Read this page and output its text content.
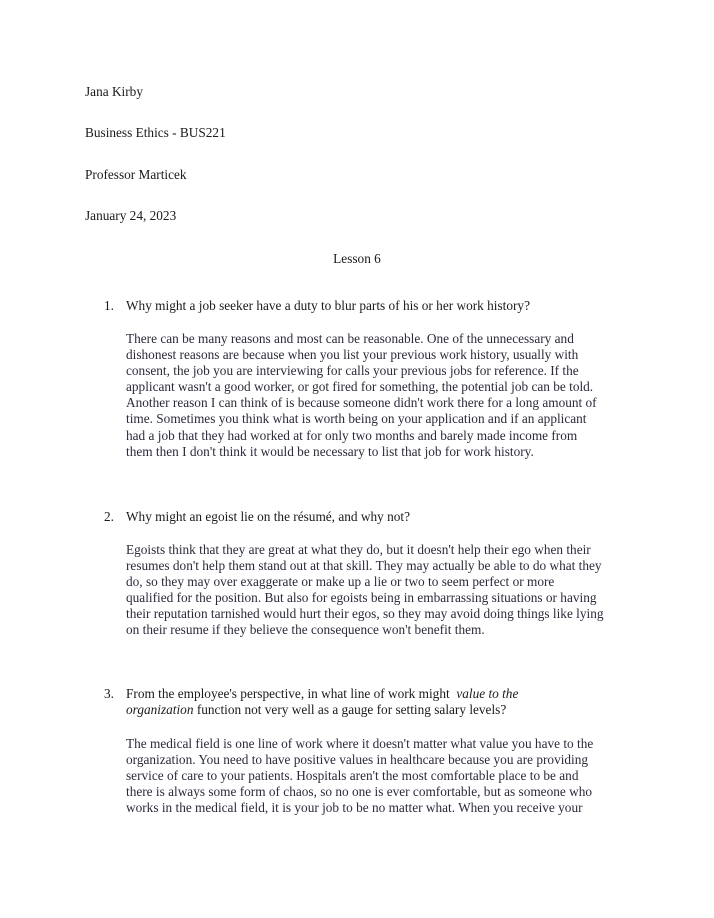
Jana Kirby
Business Ethics - BUS221
Professor Marticek
January 24, 2023
Lesson 6
1. Why might a job seeker have a duty to blur parts of his or her work history?
There can be many reasons and most can be reasonable. One of the unnecessary and
dishonest reasons are because when you list your previous work history, usually with
consent, the job you are interviewing for calls your previous jobs for reference. If the
applicant wasn't a good worker, or got fired for something, the potential job can be told.
Another reason I can think of is because someone didn't work there for a long amount of
time. Sometimes you think what is worth being on your application and if an applicant
had a job that they had worked at for only two months and barely made income from
them then I don't think it would be necessary to list that job for work history.
2. Why might an egoist lie on the résumé, and why not?
Egoists think that they are great at what they do, but it doesn't help their ego when their
resumes don't help them stand out at that skill. They may actually be able to do what they
do, so they may over exaggerate or make up a lie or two to seem perfect or more
qualified for the position. But also for egoists being in embarrassing situations or having
their reputation tarnished would hurt their egos, so they may avoid doing things like lying
on their resume if they believe the consequence won't benefit them.
3. From the employee's perspective, in what line of work might value to the
organization function not very well as a gauge for setting salary levels?
The medical field is one line of work where it doesn't matter what value you have to the
organization. You need to have positive values in healthcare because you are providing
service of care to your patients. Hospitals aren't the most comfortable place to be and
there is always some form of chaos, so no one is ever comfortable, but as someone who
works in the medical field, it is your job to be no matter what. When you receive your
